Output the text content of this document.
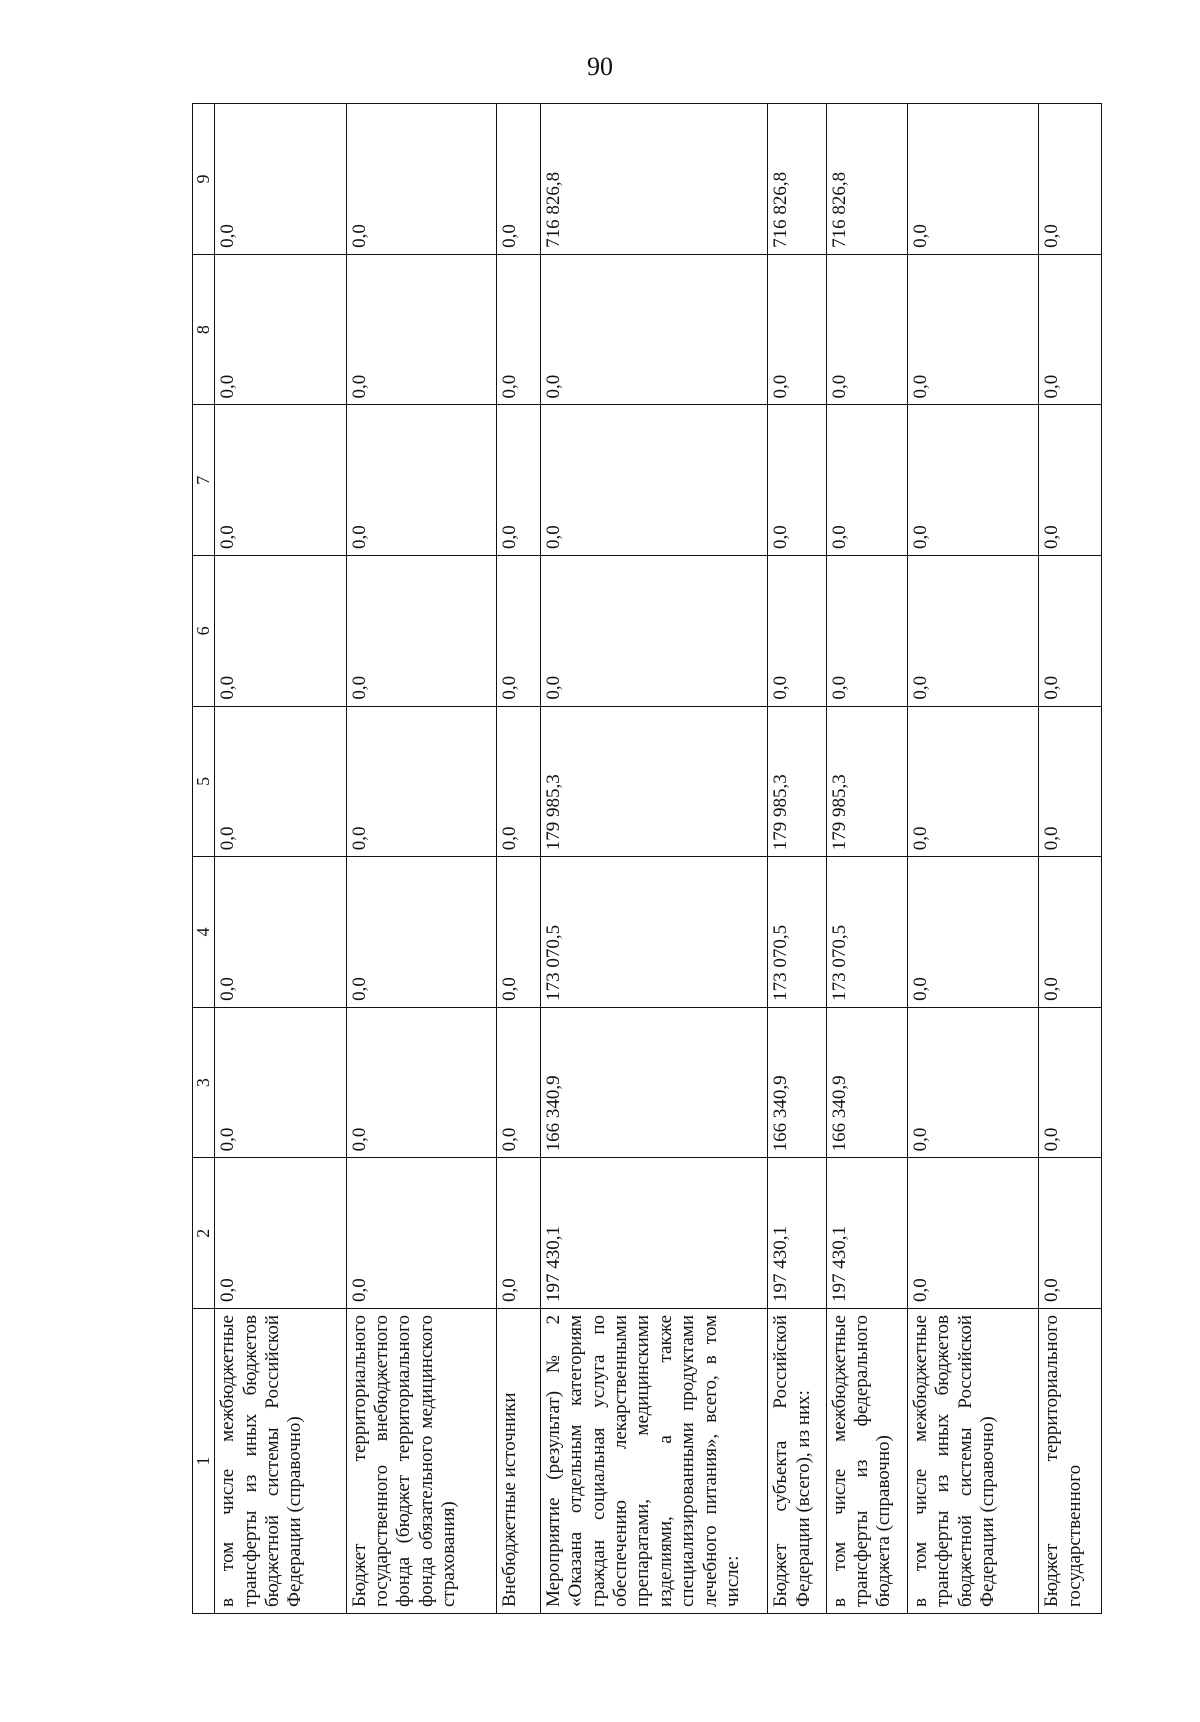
90
1	2	3	4	5	6	7	8	9
в том числе межбюджетные трансферты из иных бюджетов бюджетной системы Российской Федерации (справочно)	0,0	0,0	0,0	0,0	0,0	0,0	0,0	0,0
Бюджет территориального государственного внебюджетного фонда (бюджет территориального фонда обязательного медицинского страхования)	0,0	0,0	0,0	0,0	0,0	0,0	0,0	0,0
Внебюджетные источники	0,0	0,0	0,0	0,0	0,0	0,0	0,0	0,0
Мероприятие (результат) № 2 «Оказана отдельным категориям граждан социальная услуга по обеспечению лекарственными препаратами, медицинскими изделиями, а также специализированными продуктами лечебного питания», всего, в том числе:	197 430,1	166 340,9	173 070,5	179 985,3	0,0	0,0	0,0	716 826,8
Бюджет субъекта Российской Федерации (всего), из них:	197 430,1	166 340,9	173 070,5	179 985,3	0,0	0,0	0,0	716 826,8
в том числе межбюджетные трансферты из федерального бюджета (справочно)	197 430,1	166 340,9	173 070,5	179 985,3	0,0	0,0	0,0	716 826,8
в том числе межбюджетные трансферты из иных бюджетов бюджетной системы Российской Федерации (справочно)	0,0	0,0	0,0	0,0	0,0	0,0	0,0	0,0
Бюджет территориального государственного	0,0	0,0	0,0	0,0	0,0	0,0	0,0	0,0
